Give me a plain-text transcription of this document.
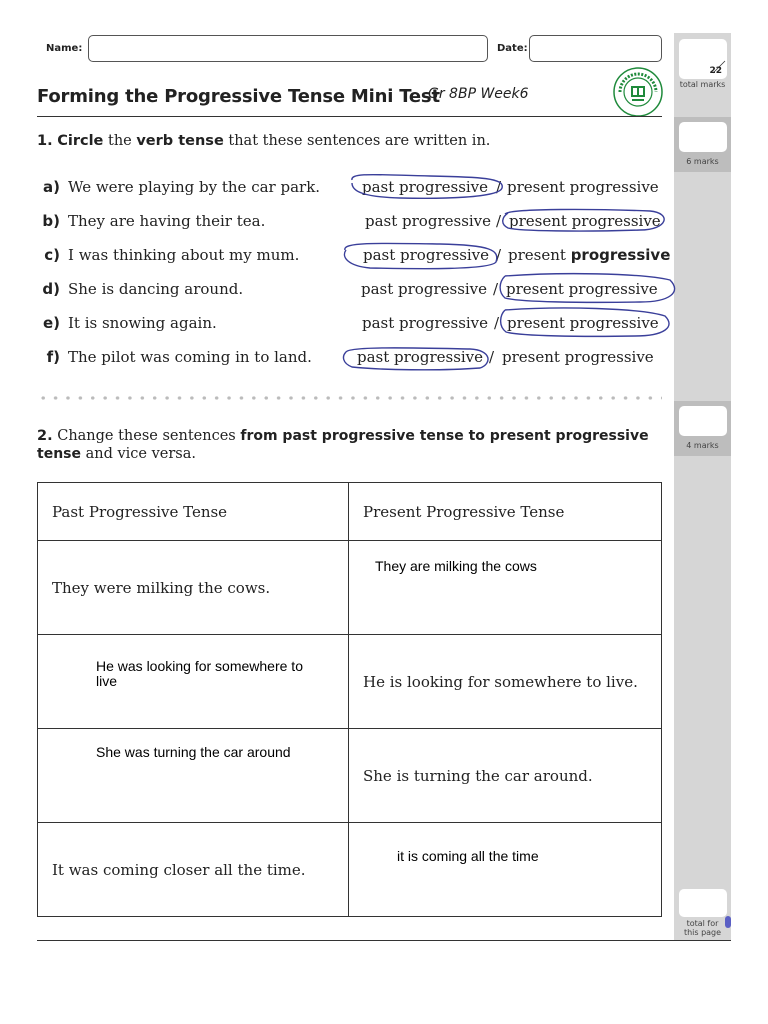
Name:	Date:
Forming the Progressive Tense Mini Test
Gr 8BP Week6
22
total marks
6 marks
4 marks
total for this page
1. Circle the verb tense that these sentences are written in.
a) We were playing by the car park.	past progressive / present progressive
b) They are having their tea.	past progressive / present progressive
c) I was thinking about my mum.	past progressive / present progressive
d) She is dancing around.	past progressive / present progressive
e) It is snowing again.	past progressive / present progressive
f) The pilot was coming in to land.	past progressive / present progressive
2. Change these sentences from past progressive tense to present progressive tense and vice versa.
Past Progressive Tense	Present Progressive Tense
They were milking the cows.	They are milking the cows

He was looking for somewhere to live	He is looking for somewhere to live.
She was turning the car around	She is turning the car around.
It was coming closer all the time.	it is coming all the time
